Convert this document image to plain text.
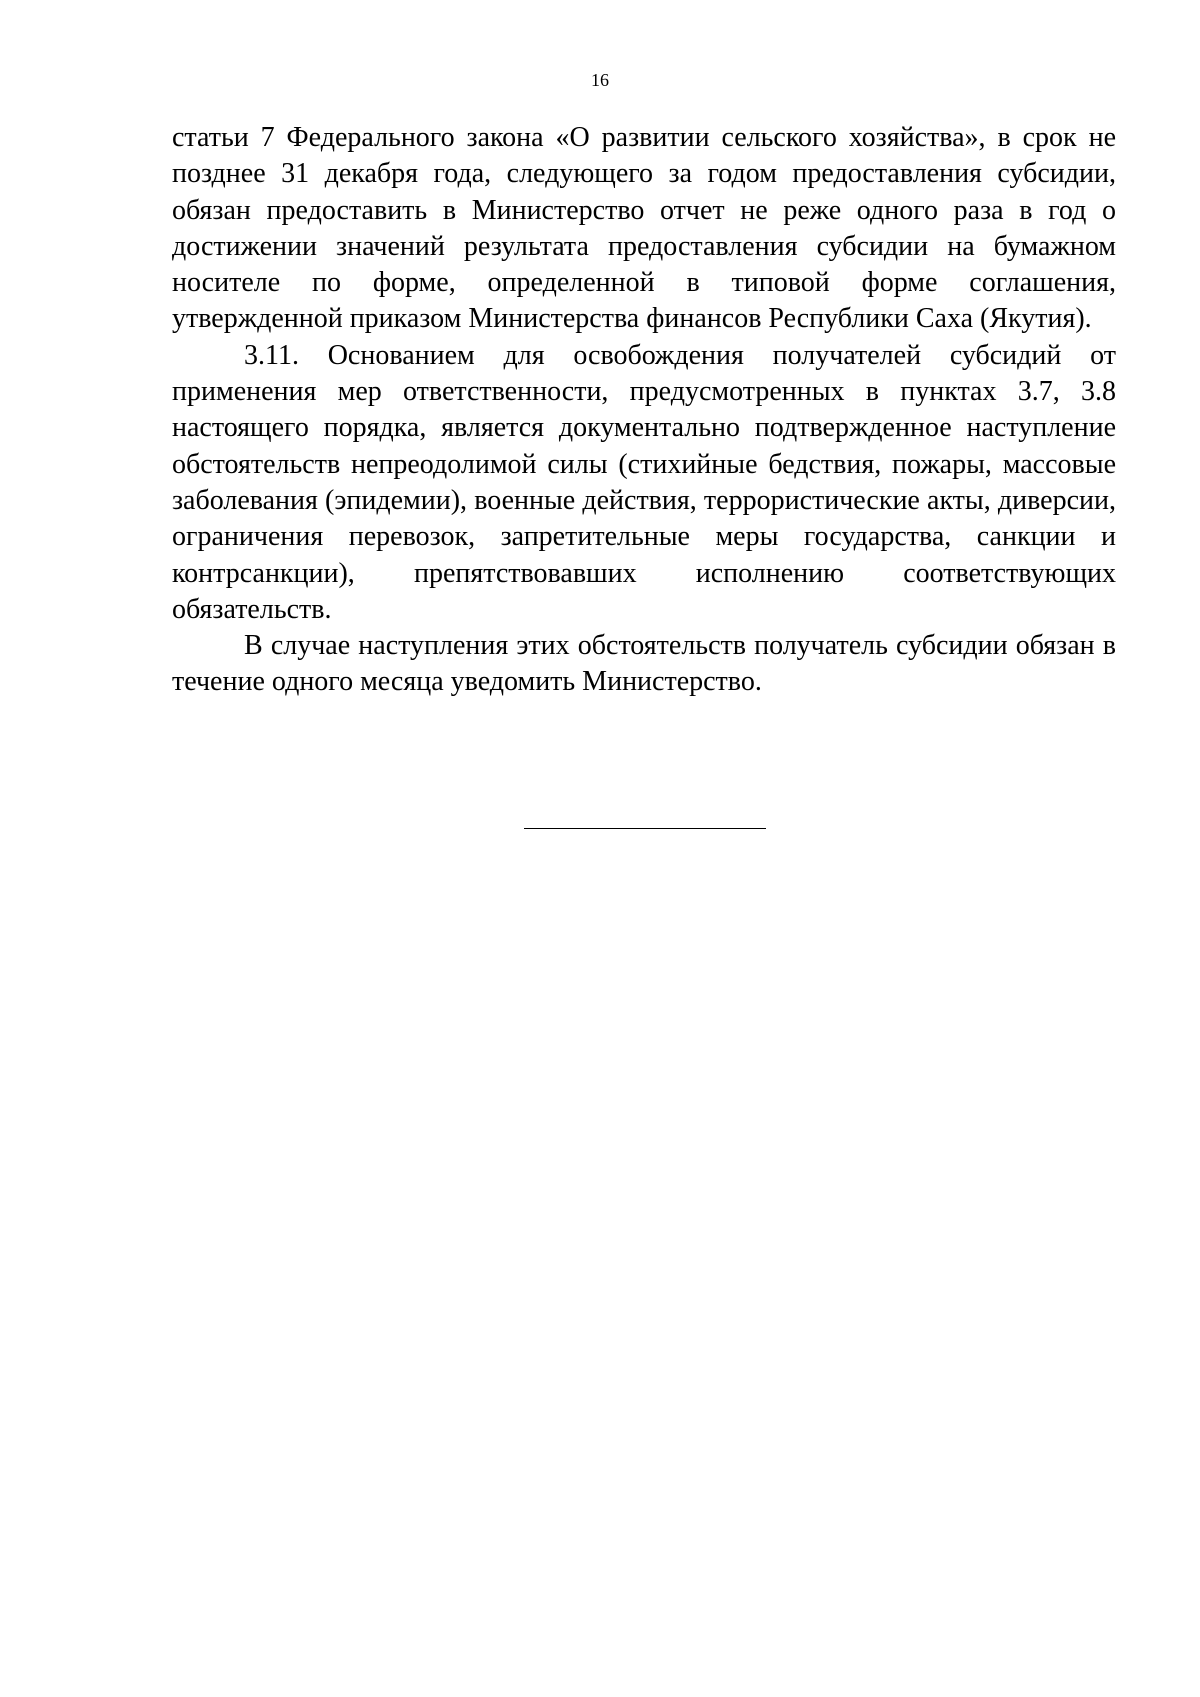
16

статьи 7 Федерального закона «О развитии сельского хозяйства», в срок не позднее 31 декабря года, следующего за годом предоставления субсидии, обязан предоставить в Министерство отчет не реже одного раза в год о достижении значений результата предоставления субсидии на бумажном носителе по форме, определенной в типовой форме соглашения, утвержденной приказом Министерства финансов Республики Саха (Якутия).

3.11. Основанием для освобождения получателей субсидий от применения мер ответственности, предусмотренных в пунктах 3.7, 3.8 настоящего порядка, является документально подтвержденное наступление обстоятельств непреодолимой силы (стихийные бедствия, пожары, массовые заболевания (эпидемии), военные действия, террористические акты, диверсии, ограничения перевозок, запретительные меры государства, санкции и контрсанкции), препятствовавших исполнению соответствующих обязательств.

В случае наступления этих обстоятельств получатель субсидии обязан в течение одного месяца уведомить Министерство.
